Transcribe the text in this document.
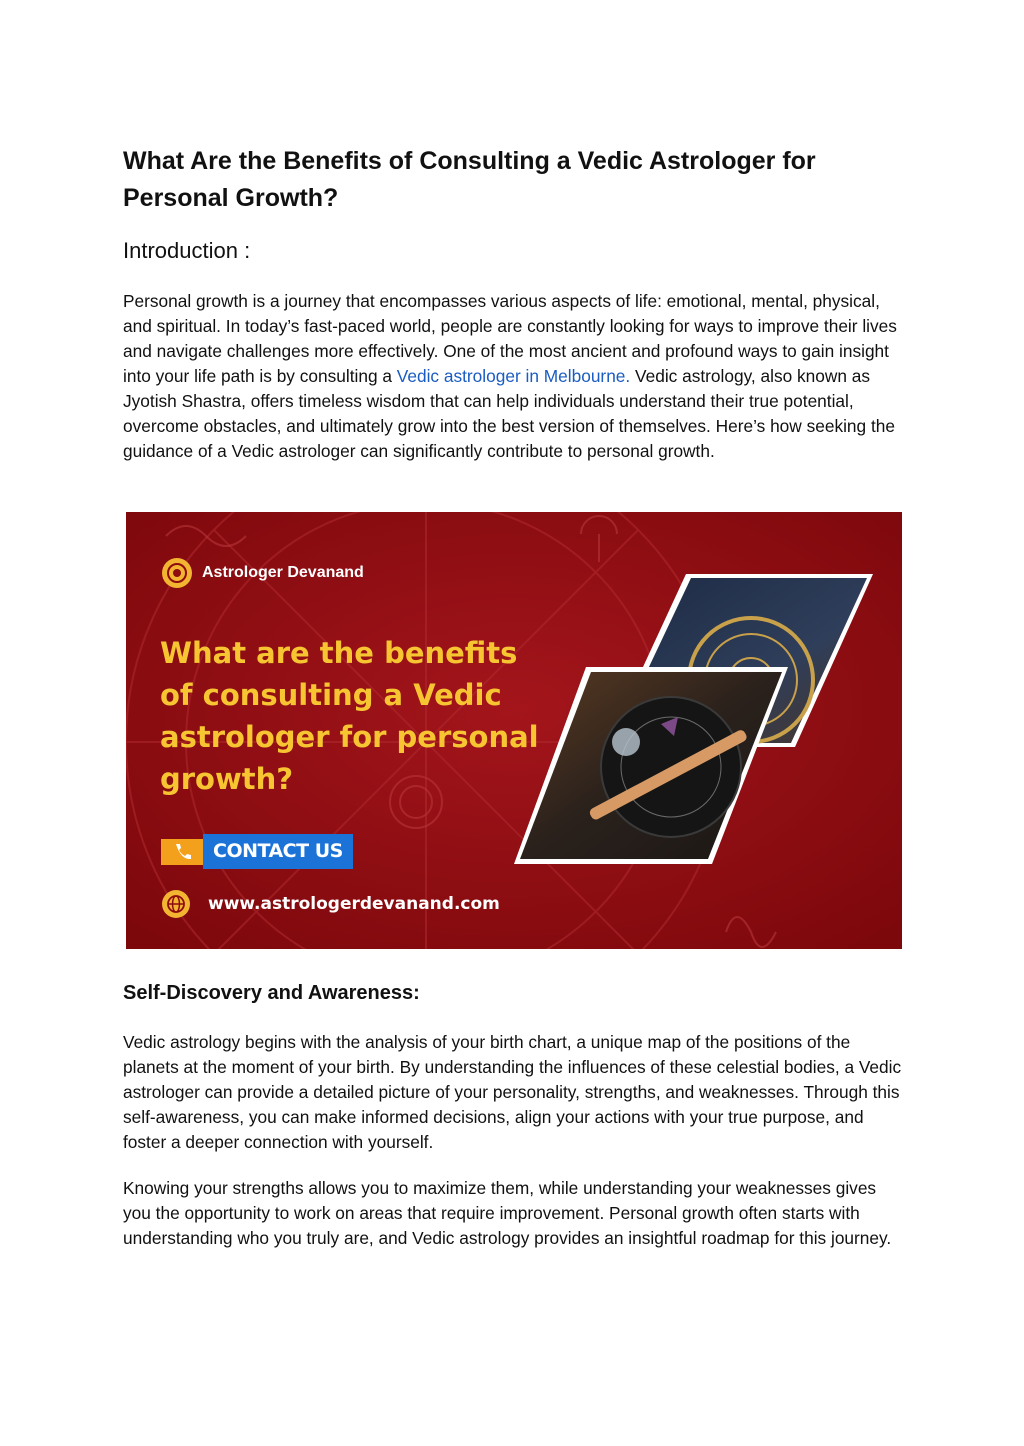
What Are the Benefits of Consulting a Vedic Astrologer for Personal Growth?
Introduction :

Personal growth is a journey that encompasses various aspects of life: emotional, mental, physical, and spiritual. In today’s fast-paced world, people are constantly looking for ways to improve their lives and navigate challenges more effectively. One of the most ancient and profound ways to gain insight into your life path is by consulting a Vedic astrologer in Melbourne. Vedic astrology, also known as Jyotish Shastra, offers timeless wisdom that can help individuals understand their true potential, overcome obstacles, and ultimately grow into the best version of themselves. Here’s how seeking the guidance of a Vedic astrologer can significantly contribute to personal growth.

Astrologer Devanand

What are the benefits of consulting a Vedic astrologer for personal growth?

CONTACT US
www.astrologerdevanand.com
Self-Discovery and Awareness:

Vedic astrology begins with the analysis of your birth chart, a unique map of the positions of the planets at the moment of your birth. By understanding the influences of these celestial bodies, a Vedic astrologer can provide a detailed picture of your personality, strengths, and weaknesses. Through this self-awareness, you can make informed decisions, align your actions with your true purpose, and foster a deeper connection with yourself.

Knowing your strengths allows you to maximize them, while understanding your weaknesses gives you the opportunity to work on areas that require improvement. Personal growth often starts with understanding who you truly are, and Vedic astrology provides an insightful roadmap for this journey.
